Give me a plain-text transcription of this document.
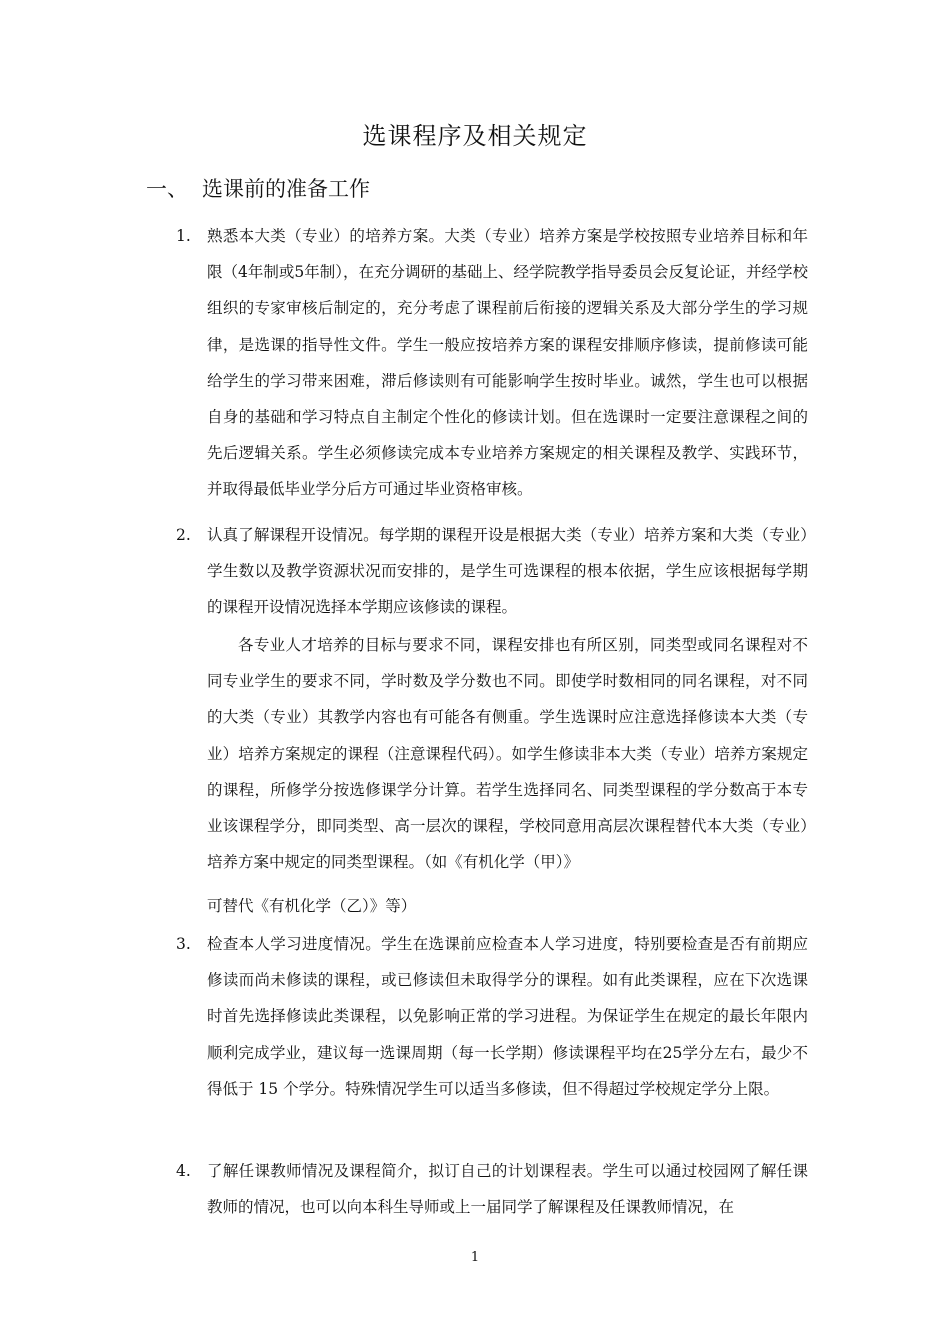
选课程序及相关规定
一、 选课前的准备工作
1. 熟悉本大类（专业）的培养方案。大类（专业）培养方案是学校按照专业培养目标和年限（4年制或5年制），在充分调研的基础上、经学院教学指导委员会反复论证，并经学校组织的专家审核后制定的，充分考虑了课程前后衔接的逻辑关系及大部分学生的学习规律，是选课的指导性文件。学生一般应按培养方案的课程安排顺序修读，提前修读可能给学生的学习带来困难，滞后修读则有可能影响学生按时毕业。诚然，学生也可以根据自身的基础和学习特点自主制定个性化的修读计划。但在选课时一定要注意课程之间的先后逻辑关系。学生必须修读完成本专业培养方案规定的相关课程及教学、实践环节，并取得最低毕业学分后方可通过毕业资格审核。
2. 认真了解课程开设情况。每学期的课程开设是根据大类（专业）培养方案和大类（专业）学生数以及教学资源状况而安排的，是学生可选课程的根本依据，学生应该根据每学期的课程开设情况选择本学期应该修读的课程。
各专业人才培养的目标与要求不同，课程安排也有所区别，同类型或同名课程对不同专业学生的要求不同，学时数及学分数也不同。即使学时数相同的同名课程，对不同的大类（专业）其教学内容也有可能各有侧重。学生选课时应注意选择修读本大类（专业）培养方案规定的课程（注意课程代码）。如学生修读非本大类（专业）培养方案规定的课程，所修学分按选修课学分计算。若学生选择同名、同类型课程的学分数高于本专业该课程学分，即同类型、高一层次的课程，学校同意用高层次课程替代本大类（专业）培养方案中规定的同类型课程。（如《有机化学（甲）》
可替代《有机化学（乙）》等）
3. 检查本人学习进度情况。学生在选课前应检查本人学习进度，特别要检查是否有前期应修读而尚未修读的课程，或已修读但未取得学分的课程。如有此类课程，应在下次选课时首先选择修读此类课程，以免影响正常的学习进程。为保证学生在规定的最长年限内顺利完成学业，建议每一选课周期（每一长学期）修读课程平均在25学分左右，最少不得低于 15 个学分。特殊情况学生可以适当多修读，但不得超过学校规定学分上限。
4. 了解任课教师情况及课程简介，拟订自己的计划课程表。学生可以通过校园网了解任课教师的情况，也可以向本科生导师或上一届同学了解课程及任课教师情况，在
1
